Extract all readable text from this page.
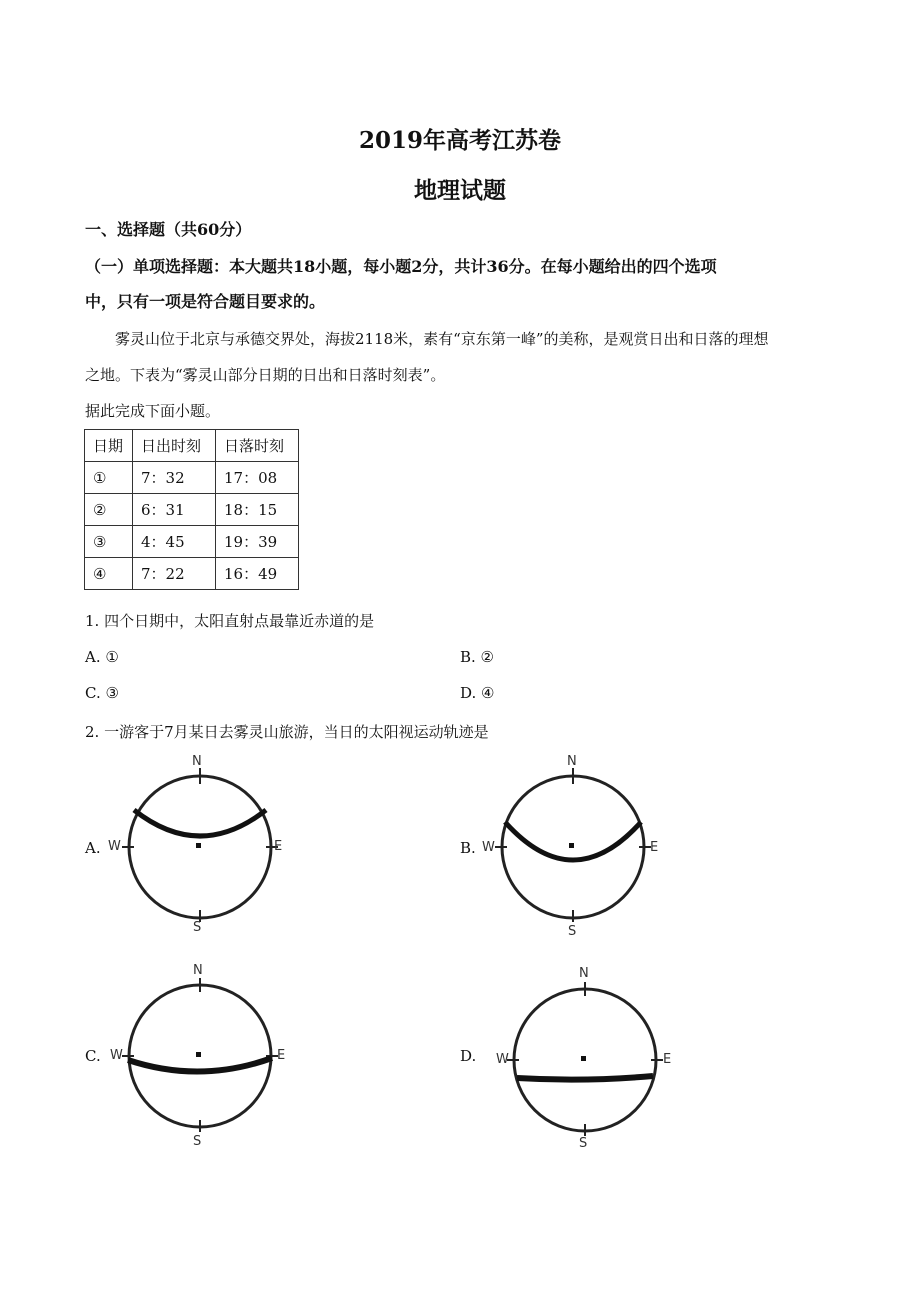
2019年高考江苏卷
地理试题
一、选择题（共60分）
（一）单项选择题：本大题共18小题，每小题2分，共计36分。在每小题给出的四个选项
中，只有一项是符合题目要求的。
雾灵山位于北京与承德交界处，海拔2118米，素有“京东第一峰”的美称，是观赏日出和日落的理想
之地。下表为“雾灵山部分日期的日出和日落时刻表”。
据此完成下面小题。
日期	日出时刻	日落时刻
①	7：32	17：08
②	6：31	18：15
③	4：45	19：39
④	7：22	16：49
1. 四个日期中，太阳直射点最靠近赤道的是
A. ①	B. ②
C. ③	D. ④
2. 一游客于7月某日去雾灵山旅游，当日的太阳视运动轨迹是
A.
N
S
W	E	B.
N
S
W	E
C.
N
S
W	E	D.
N
S
W	E
